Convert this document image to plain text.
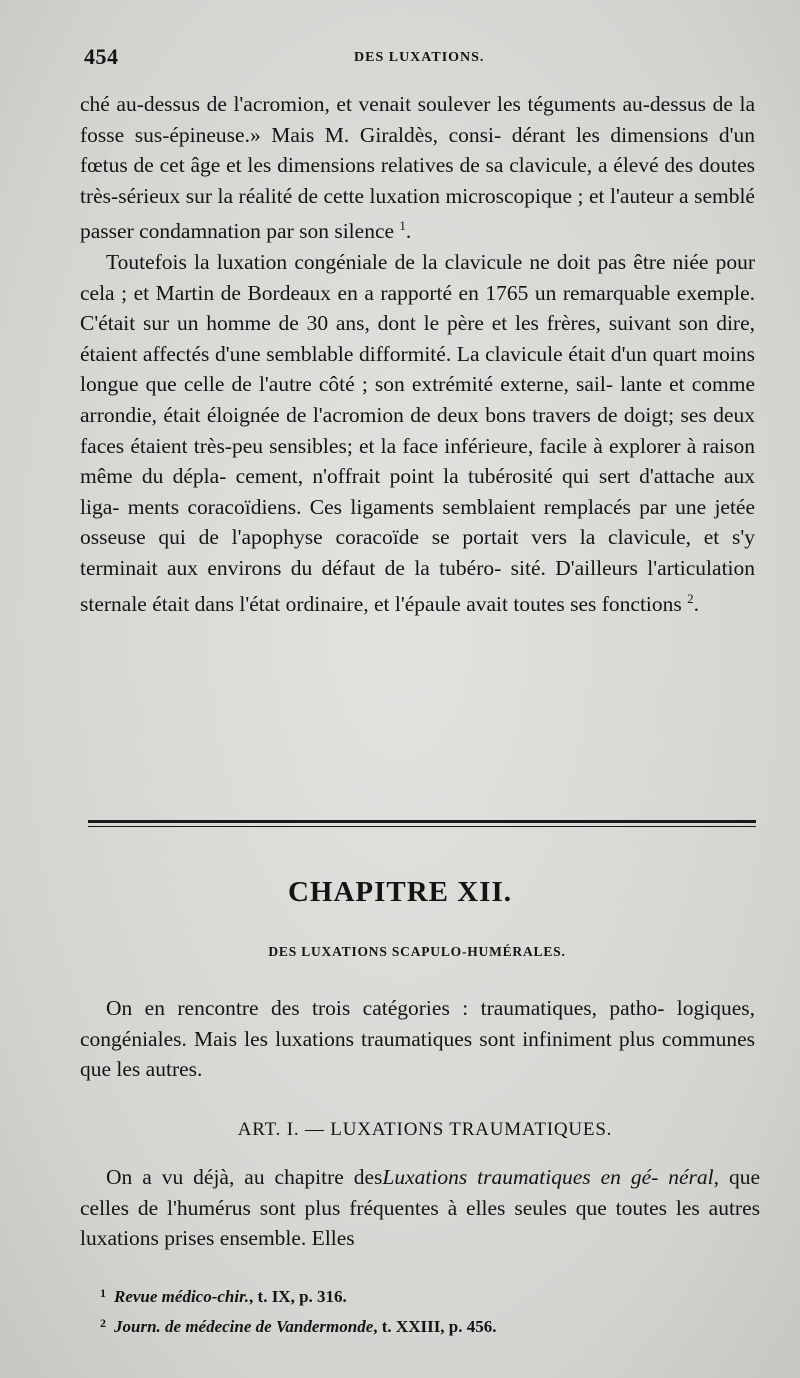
454	DES LUXATIONS.

ché au-dessus de l'acromion, et venait soulever les téguments au-dessus de la fosse sus-épineuse.» Mais M. Giraldès, consi- dérant les dimensions d'un fœtus de cet âge et les dimensions relatives de sa clavicule, a élevé des doutes très-sérieux sur la réalité de cette luxation microscopique ; et l'auteur a semblé passer condamnation par son silence $^1$.

Toutefois la luxation congéniale de la clavicule ne doit pas être niée pour cela ; et Martin de Bordeaux en a rapporté en 1765 un remarquable exemple. C'était sur un homme de 30 ans, dont le père et les frères, suivant son dire, étaient affectés d'une semblable difformité. La clavicule était d'un quart moins longue que celle de l'autre côté ; son extrémité externe, sail- lante et comme arrondie, était éloignée de l'acromion de deux bons travers de doigt; ses deux faces étaient très-peu sensibles; et la face inférieure, facile à explorer à raison même du dépla- cement, n'offrait point la tubérosité qui sert d'attache aux liga- ments coracoïdiens. Ces ligaments semblaient remplacés par une jetée osseuse qui de l'apophyse coracoïde se portait vers la clavicule, et s'y terminait aux environs du défaut de la tubéro- sité. D'ailleurs l'articulation sternale était dans l'état ordinaire, et l'épaule avait toutes ses fonctions $^2$.

CHAPITRE XII.
DES LUXATIONS SCAPULO-HUMÉRALES.

On en rencontre des trois catégories : traumatiques, patho- logiques, congéniales. Mais les luxations traumatiques sont infiniment plus communes que les autres.

ART. I. — LUXATIONS TRAUMATIQUES.

On a vu déjà, au chapitre desLuxations traumatiques en gé- néral, que celles de l'humérus sont plus fréquentes à elles seules que toutes les autres luxations prises ensemble. Elles

$^1$ Revue médico-chir., t. IX, p. 316.

$^2$ Journ. de médecine de Vandermonde, t. XXIII, p. 456.
